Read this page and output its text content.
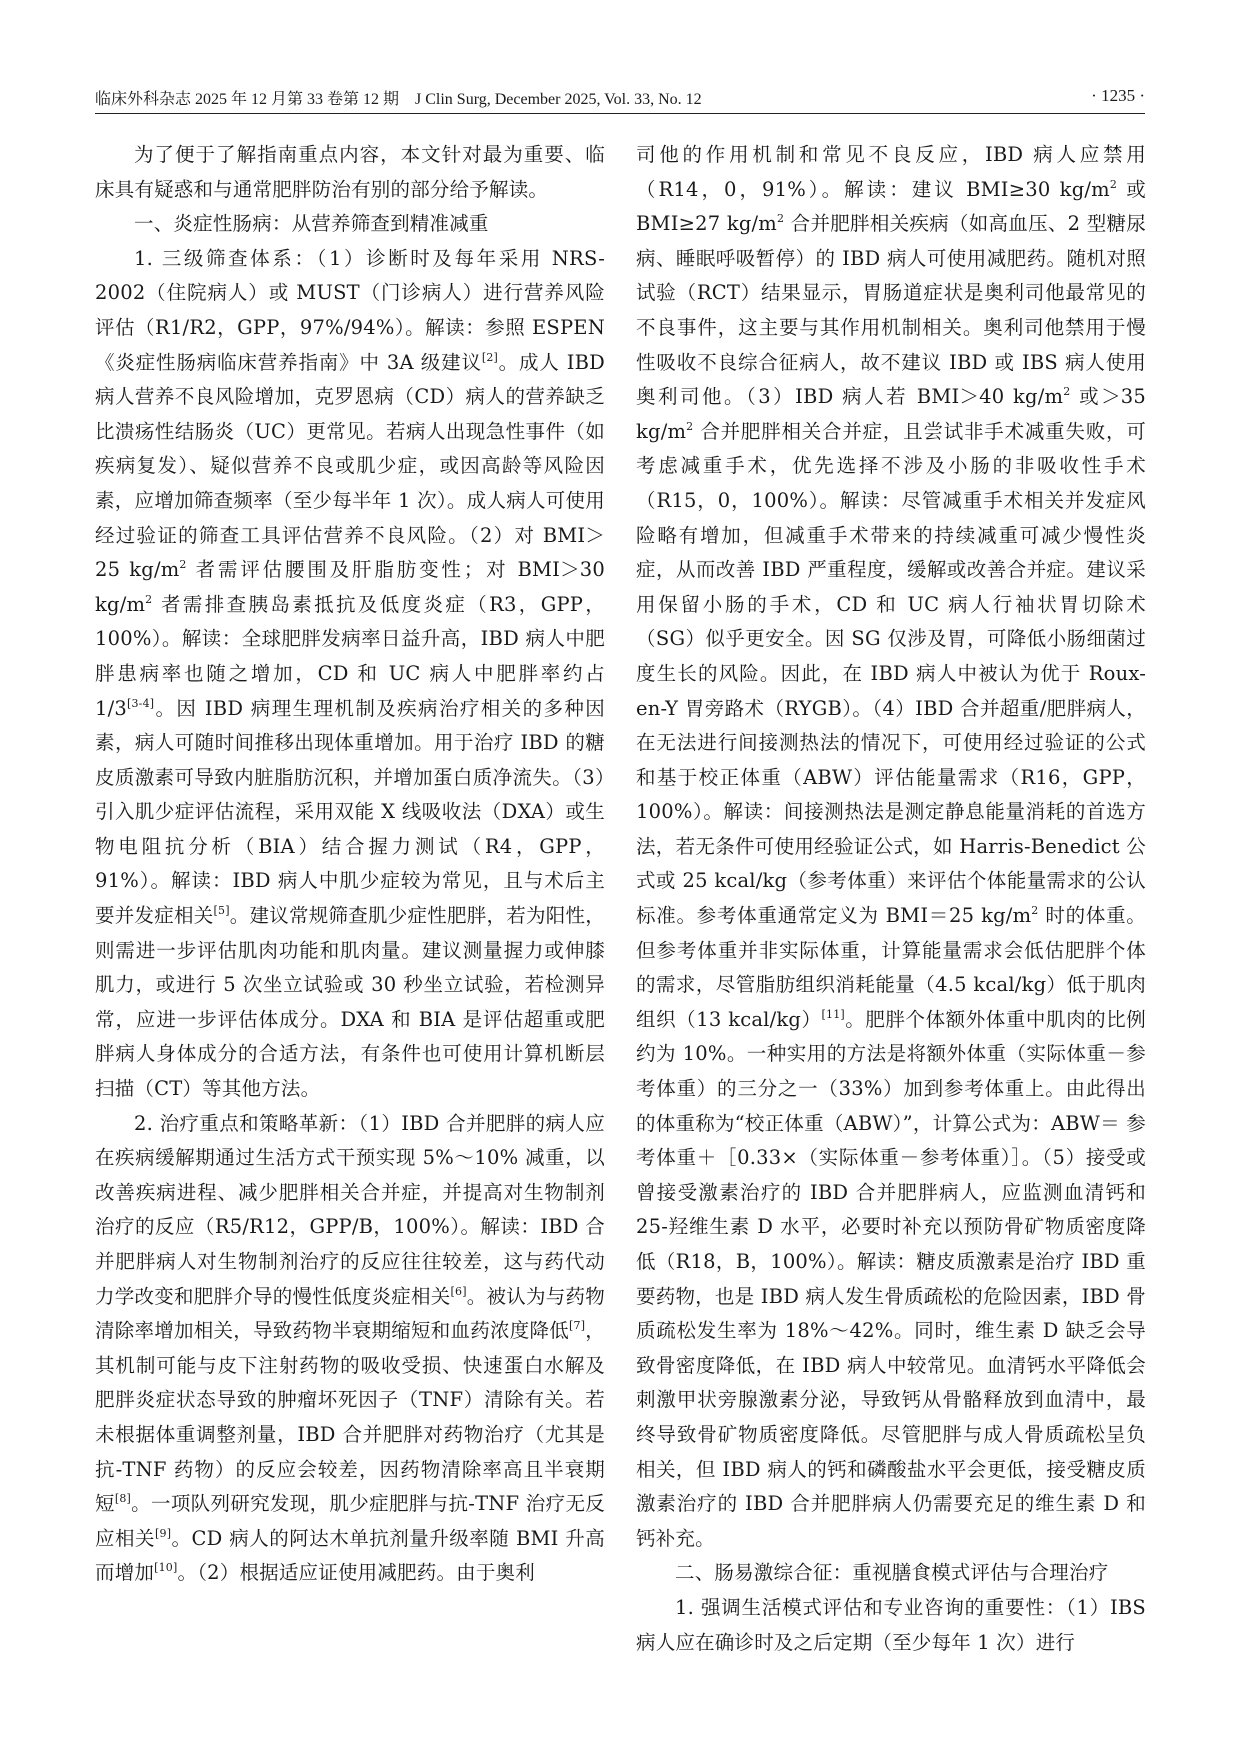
临床外科杂志 2025 年 12 月第 33 卷第 12 期　J Clin Surg, December 2025, Vol. 33, No. 12	· 1235 ·

为了便于了解指南重点内容，本文针对最为重要、临床具有疑惑和与通常肥胖防治有别的部分给予解读。

一、炎症性肠病：从营养筛查到精准减重

1. 三级筛查体系：（1）诊断时及每年采用 NRS-2002（住院病人）或 MUST（门诊病人）进行营养风险评估（R1/R2，GPP，97%/94%）。解读：参照 ESPEN《炎症性肠病临床营养指南》中 3A 级建议[2]。成人 IBD 病人营养不良风险增加，克罗恩病（CD）病人的营养缺乏比溃疡性结肠炎（UC）更常见。若病人出现急性事件（如疾病复发）、疑似营养不良或肌少症，或因高龄等风险因素，应增加筛查频率（至少每半年 1 次）。成人病人可使用经过验证的筛查工具评估营养不良风险。（2）对 BMI＞25 $kg/m^2$ 者需评估腰围及肝脂肪变性；对 BMI＞30 $kg/m^2$ 者需排查胰岛素抵抗及低度炎症（R3，GPP，100%）。解读：全球肥胖发病率日益升高，IBD 病人中肥胖患病率也随之增加，CD 和 UC 病人中肥胖率约占 1/3[3-4]。因 IBD 病理生理机制及疾病治疗相关的多种因素，病人可随时间推移出现体重增加。用于治疗 IBD 的糖皮质激素可导致内脏脂肪沉积，并增加蛋白质净流失。（3）引入肌少症评估流程，采用双能 X 线吸收法（DXA）或生物电阻抗分析（BIA）结合握力测试（R4，GPP，91%）。解读：IBD 病人中肌少症较为常见，且与术后主要并发症相关[5]。建议常规筛查肌少症性肥胖，若为阳性，则需进一步评估肌肉功能和肌肉量。建议测量握力或伸膝肌力，或进行 5 次坐立试验或 30 秒坐立试验，若检测异常，应进一步评估体成分。DXA 和 BIA 是评估超重或肥胖病人身体成分的合适方法，有条件也可使用计算机断层扫描（CT）等其他方法。

2. 治疗重点和策略革新：（1）IBD 合并肥胖的病人应在疾病缓解期通过生活方式干预实现 5%～10% 减重，以改善疾病进程、减少肥胖相关合并症，并提高对生物制剂治疗的反应（R5/R12，GPP/B，100%）。解读：IBD 合并肥胖病人对生物制剂治疗的反应往往较差，这与药代动力学改变和肥胖介导的慢性低度炎症相关[6]。被认为与药物清除率增加相关，导致药物半衰期缩短和血药浓度降低[7]，其机制可能与皮下注射药物的吸收受损、快速蛋白水解及肥胖炎症状态导致的肿瘤坏死因子（TNF）清除有关。若未根据体重调整剂量，IBD 合并肥胖对药物治疗（尤其是抗-TNF 药物）的反应会较差，因药物清除率高且半衰期短[8]。一项队列研究发现，肌少症肥胖与抗-TNF 治疗无反应相关[9]。CD 病人的阿达木单抗剂量升级率随 BMI 升高而增加[10]。（2）根据适应证使用减肥药。由于奥利

司他的作用机制和常见不良反应，IBD 病人应禁用（R14，0，91%）。解读：建议 BMI≥30 $kg/m^2$ 或 BMI≥27 $kg/m^2$ 合并肥胖相关疾病（如高血压、2 型糖尿病、睡眠呼吸暂停）的 IBD 病人可使用减肥药。随机对照试验（RCT）结果显示，胃肠道症状是奥利司他最常见的不良事件，这主要与其作用机制相关。奥利司他禁用于慢性吸收不良综合征病人，故不建议 IBD 或 IBS 病人使用奥利司他。（3）IBD 病人若 BMI＞40 $kg/m^2$ 或＞35 $kg/m^2$ 合并肥胖相关合并症，且尝试非手术减重失败，可考虑减重手术，优先选择不涉及小肠的非吸收性手术（R15，0，100%）。解读：尽管减重手术相关并发症风险略有增加，但减重手术带来的持续减重可减少慢性炎症，从而改善 IBD 严重程度，缓解或改善合并症。建议采用保留小肠的手术，CD 和 UC 病人行袖状胃切除术（SG）似乎更安全。因 SG 仅涉及胃，可降低小肠细菌过度生长的风险。因此，在 IBD 病人中被认为优于 Roux-en-Y 胃旁路术（RYGB）。（4）IBD 合并超重/肥胖病人，在无法进行间接测热法的情况下，可使用经过验证的公式和基于校正体重（ABW）评估能量需求（R16，GPP，100%）。解读：间接测热法是测定静息能量消耗的首选方法，若无条件可使用经验证公式，如 Harris-Benedict 公式或 25 kcal/kg（参考体重）来评估个体能量需求的公认标准。参考体重通常定义为 BMI＝25 $kg/m^2$ 时的体重。但参考体重并非实际体重，计算能量需求会低估肥胖个体的需求，尽管脂肪组织消耗能量（4.5 kcal/kg）低于肌肉组织（13 kcal/kg）[11]。肥胖个体额外体重中肌肉的比例约为 10%。一种实用的方法是将额外体重（实际体重－参考体重）的三分之一（33%）加到参考体重上。由此得出的体重称为“校正体重（ABW）”，计算公式为：ABW＝ 参考体重＋［0.33×（实际体重－参考体重）］。（5）接受或曾接受激素治疗的 IBD 合并肥胖病人，应监测血清钙和 25-羟维生素 D 水平，必要时补充以预防骨矿物质密度降低（R18，B，100%）。解读：糖皮质激素是治疗 IBD 重要药物，也是 IBD 病人发生骨质疏松的危险因素，IBD 骨质疏松发生率为 18%～42%。同时，维生素 D 缺乏会导致骨密度降低，在 IBD 病人中较常见。血清钙水平降低会刺激甲状旁腺激素分泌，导致钙从骨骼释放到血清中，最终导致骨矿物质密度降低。尽管肥胖与成人骨质疏松呈负相关，但 IBD 病人的钙和磷酸盐水平会更低，接受糖皮质激素治疗的 IBD 合并肥胖病人仍需要充足的维生素 D 和钙补充。

二、肠易激综合征：重视膳食模式评估与合理治疗

1. 强调生活模式评估和专业咨询的重要性：（1）IBS 病人应在确诊时及之后定期（至少每年 1 次）进行
